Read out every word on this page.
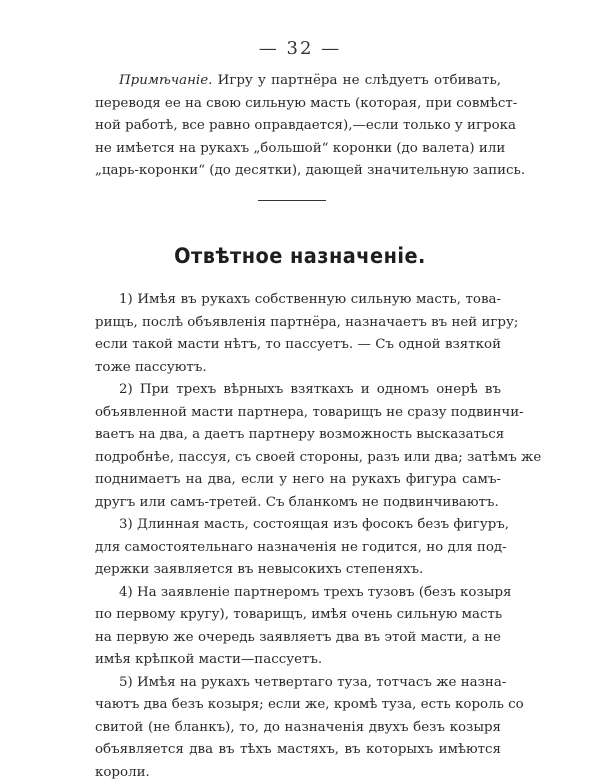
— 32 —
Примѣчаніе. Игру у партнёра не слѣдуетъ отбивать,
переводя ее на свою сильную масть (которая, при совмѣст-
ной работѣ, все равно оправдается),—если только у игрока
не имѣется на рукахъ „большой“ коронки (до валета) или
„царь-коронки“ (до десятки), дающей значительную запись.
Отвѣтное назначеніе.
1) Имѣя въ рукахъ собственную сильную масть, това-
рищъ, послѣ объявленія партнёра, назначаетъ въ ней игру;
если такой масти нѣтъ, то пассуетъ. — Съ одной взяткой
тоже пассуютъ.
2) При трехъ вѣрныхъ взяткахъ и одномъ онерѣ въ
объявленной масти партнера, товарищъ не сразу подвинчи-
ваетъ на два, а даетъ партнеру возможность высказаться
подробнѣе, пассуя, съ своей стороны, разъ или два; затѣмъ же
поднимаетъ на два, если у него на рукахъ фигура самъ-
другъ или самъ-третей. Съ бланкомъ не подвинчиваютъ.
3) Длинная масть, состоящая изъ фосокъ безъ фигуръ,
для самостоятельнаго назначенія не годится, но для под-
держки заявляется въ невысокихъ степеняхъ.
4) На заявленіе партнеромъ трехъ тузовъ (безъ козыря
по первому кругу), товарищъ, имѣя очень сильную масть
на первую же очередь заявляетъ два въ этой масти, а не
имѣя крѣпкой масти—пассуетъ.
5) Имѣя на рукахъ четвертаго туза, тотчасъ же назна-
чаютъ два безъ козыря; если же, кромѣ туза, есть король со
свитой (не бланкъ), то, до назначенія двухъ безъ козыря
объявляется два въ тѣхъ мастяхъ, въ которыхъ имѣются
короли.
